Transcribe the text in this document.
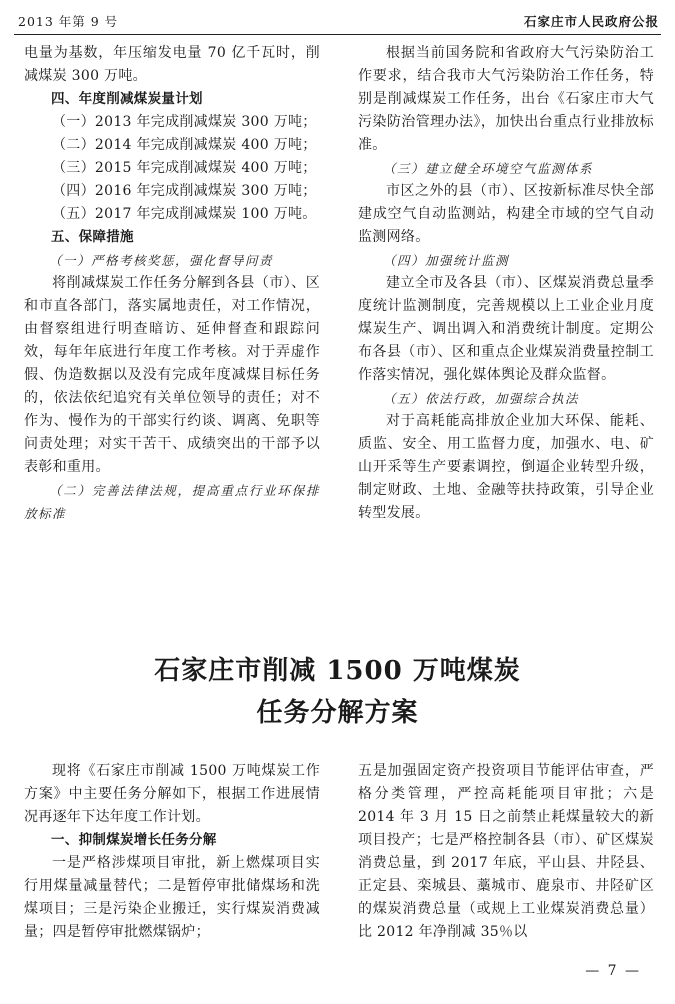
2013 年第 9 号	石家庄市人民政府公报

电量为基数，年压缩发电量 70 亿千瓦时，削减煤炭 300 万吨。

四、年度削减煤炭量计划

（一）2013 年完成削减煤炭 300 万吨；

（二）2014 年完成削减煤炭 400 万吨；

（三）2015 年完成削减煤炭 400 万吨；

（四）2016 年完成削减煤炭 300 万吨；

（五）2017 年完成削减煤炭 100 万吨。

五、保障措施

（一）严格考核奖惩，强化督导问责

将削减煤炭工作任务分解到各县（市）、区和市直各部门，落实属地责任，对工作情况，由督察组进行明查暗访、延伸督查和跟踪问效，每年年底进行年度工作考核。对于弄虚作假、伪造数据以及没有完成年度减煤目标任务的，依法依纪追究有关单位领导的责任；对不作为、慢作为的干部实行约谈、调离、免职等问责处理；对实干苦干、成绩突出的干部予以表彰和重用。

（二）完善法律法规，提高重点行业环保排放标准

根据当前国务院和省政府大气污染防治工作要求，结合我市大气污染防治工作任务，特别是削减煤炭工作任务，出台《石家庄市大气污染防治管理办法》，加快出台重点行业排放标准。

（三）建立健全环境空气监测体系

市区之外的县（市）、区按新标准尽快全部建成空气自动监测站，构建全市域的空气自动监测网络。

（四）加强统计监测

建立全市及各县（市）、区煤炭消费总量季度统计监测制度，完善规模以上工业企业月度煤炭生产、调出调入和消费统计制度。定期公布各县（市）、区和重点企业煤炭消费量控制工作落实情况，强化媒体舆论及群众监督。

（五）依法行政，加强综合执法

对于高耗能高排放企业加大环保、能耗、质监、安全、用工监督力度，加强水、电、矿山开采等生产要素调控，倒逼企业转型升级，制定财政、土地、金融等扶持政策，引导企业转型发展。

石家庄市削减 1500 万吨煤炭
任务分解方案

现将《石家庄市削减 1500 万吨煤炭工作方案》中主要任务分解如下，根据工作进展情况再逐年下达年度工作计划。

一、抑制煤炭增长任务分解

一是严格涉煤项目审批，新上燃煤项目实行用煤量减量替代；二是暂停审批储煤场和洗煤项目；三是污染企业搬迁，实行煤炭消费减量；四是暂停审批燃煤锅炉；

五是加强固定资产投资项目节能评估审查，严格分类管理，严控高耗能项目审批；六是 2014 年 3 月 15 日之前禁止耗煤量较大的新项目投产；七是严格控制各县（市）、矿区煤炭消费总量，到 2017 年底，平山县、井陉县、正定县、栾城县、藁城市、鹿泉市、井陉矿区的煤炭消费总量（或规上工业煤炭消费总量）比 2012 年净削减 35％以

— 7 —
